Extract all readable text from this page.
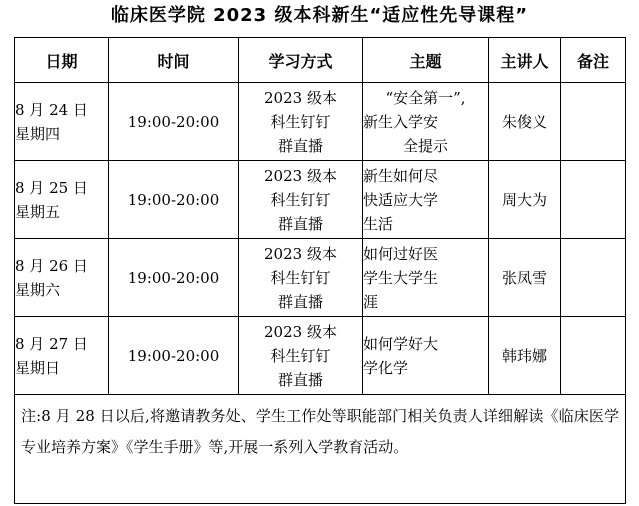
临床医学院 2023 级本科新生“适应性先导课程”
日期	时间	学习方式	主题	主讲人	备注

8 月 24 日
星期四	19:00-20:00	2023 级本
科生钉钉
群直播	“安全第一”,
新生入学安
全提示	朱俊义	

8 月 25 日
星期五	19:00-20:00	2023 级本
科生钉钉
群直播	新生如何尽
快适应大学
生活	周大为	

8 月 26 日
星期六	19:00-20:00	2023 级本
科生钉钉
群直播	如何过好医
学生大学生
涯	张凤雪	

8 月 27 日
星期日	19:00-20:00	2023 级本
科生钉钉
群直播	如何学好大
学化学	韩玮娜	
注:8 月 28 日以后,将邀请教务处、学生工作处等职能部门相关负责人详细解读《临床医学专业培养方案》《学生手册》等,开展一系列入学教育活动。					
